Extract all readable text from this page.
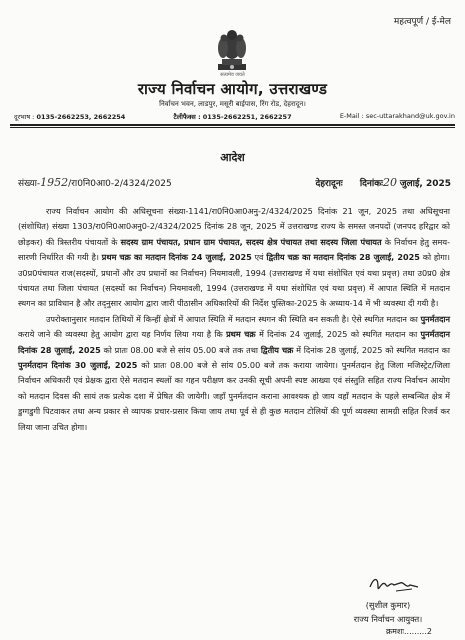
महत्वपूर्ण / ई-मेल
सत्यमेव जयते
राज्य निर्वाचन आयोग, उत्तराखण्ड
निर्वाचन भवन, लाडपुर, मसूरी बाईपास, रिंग रोड, देहरादून।
दूरभाष : 0135-2662253, 2662254	टैलीफैक्स : 0135-2662251, 2662257	E-Mail : sec-uttarakhand@uk.gov.in
आदेश
संख्या-1952/रा0नि0आ0-2/4324/2025	देहरादूनः दिनांकः20 जुलाई, 2025

राज्य निर्वाचन आयोग की अधिसूचना संख्या-1141/रा0नि0आ0अनु-2/4324/2025 दिनांक 21 जून, 2025 तथा अधिसूचना (संशोधित) संख्या 1303/रा0नि0आ0अनु0-2/4324/2025 दिनांक 28 जून, 2025 में उत्तराखण्ड राज्य के समस्त जनपदों (जनपद हरिद्वार को छोड़कर) की त्रिस्तरीय पंचायतों के सदस्य ग्राम पंचायत, प्रधान ग्राम पंचायत, सदस्य क्षेत्र पंचायत तथा सदस्य जिला पंचायत के निर्वाचन हेतु समय-सारणी निर्धारित की गयी है। प्रथम चक्र का मतदान दिनांक 24 जुलाई, 2025 एवं द्वितीय चक्र का मतदान दिनांक 28 जुलाई, 2025 को होगा। उ0प्र0पंचायत राज(सदस्यों, प्रधानों और उप प्रधानों का निर्वाचन) नियमावली, 1994 (उत्तराखण्ड में यथा संशोधित एवं यथा प्रवृत्त) तथा उ0प्र0 क्षेत्र पंचायत तथा जिला पंचायत (सदस्यों का निर्वाचन) नियमावली, 1994 (उत्तराखण्ड में यथा संशोधित एवं यथा प्रवृत्त) में आपात स्थिति में मतदान स्थगन का प्राविधान है और तद्नुसार आयोग द्वारा जारी पीठासीन अधिकारियों की निर्देश पुस्तिका-2025 के अध्याय-14 में भी व्यवस्था दी गयी है।

उपरोक्तानुसार मतदान तिथियों में किन्हीं क्षेत्रों में आपात स्थिति में मतदान स्थगन की स्थिति बन सकती है। ऐसे स्थगित मतदान का पुनर्मतदान कराये जाने की व्यवस्था हेतु आयोग द्वारा यह निर्णय लिया गया है कि प्रथम चक्र में दिनांक 24 जुलाई, 2025 को स्थगित मतदान का पुनर्मतदान दिनांक 28 जुलाई, 2025 को प्रातः 08.00 बजे से सांय 05.00 बजे तक तथा द्वितीय चक्र में दिनांक 28 जुलाई, 2025 को स्थगित मतदान का पुनर्मतदान दिनांक 30 जुलाई, 2025 को प्रातः 08.00 बजे से सांय 05.00 बजे तक कराया जायेगा। पुनर्मतदान हेतु जिला मजिस्ट्रेट/जिला निर्वाचन अधिकारी एवं प्रेक्षक द्वारा ऐसे मतदान स्थलों का गहन परीक्षण कर उनकी सूची अपनी स्पष्ट आख्या एवं संस्तुति सहित राज्य निर्वाचन आयोग को मतदान दिवस की सायं तक प्रत्येक दशा में प्रेषित की जायेगी। जहाँ पुनर्मतदान कराना आवश्यक हो जाय वहाँ मतदान के पहले सम्बन्धित क्षेत्र में डुग्गडुगी पिटवाकर तथा अन्य प्रकार से व्यापक प्रचार-प्रसार किया जाय तथा पूर्व से ही कुछ मतदान टोलियों की पूर्ण व्यवस्था सामग्री सहित रिजर्व कर लिया जाना उचित होगा।

(सुशील कुमार)
राज्य निर्वाचन आयुक्त।
क्रमशः.........2
